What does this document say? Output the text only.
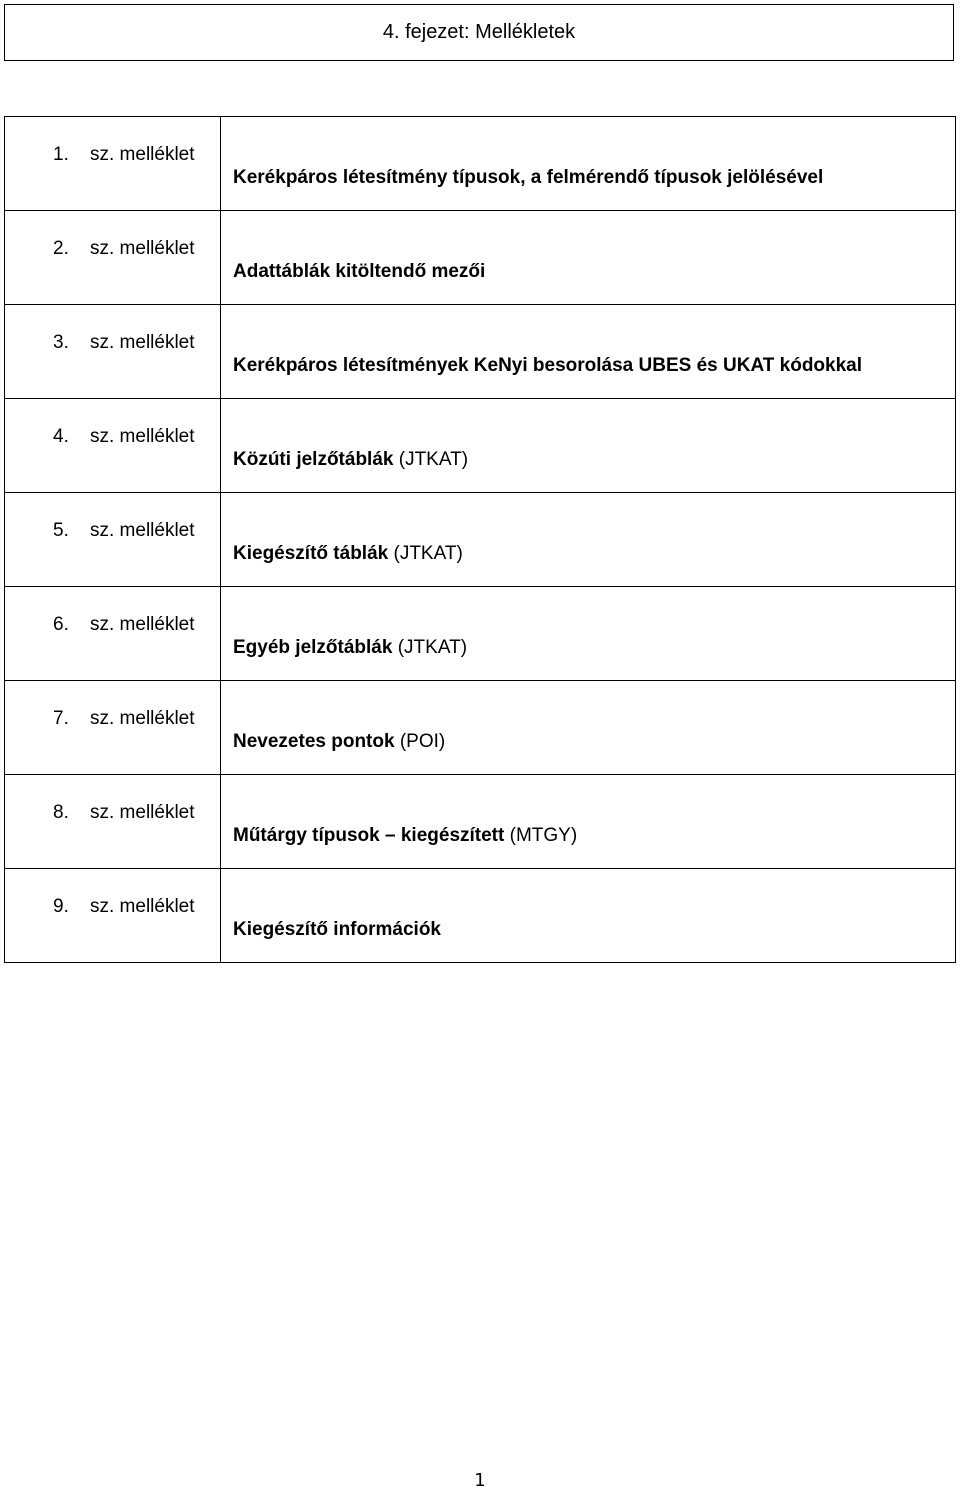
4. fejezet: Mellékletek
1. sz. melléklet	Kerékpáros létesítmény típusok, a felmérendő típusok jelölésével

2. sz. melléklet	Adattáblák kitöltendő mezői

3. sz. melléklet	Kerékpáros létesítmények KeNyi besorolása UBES és UKAT kódokkal

4. sz. melléklet	Közúti jelzőtáblák (JTKAT)

5. sz. melléklet	Kiegészítő táblák (JTKAT)

6. sz. melléklet	Egyéb jelzőtáblák (JTKAT)

7. sz. melléklet	Nevezetes pontok (POI)

8. sz. melléklet	Műtárgy típusok – kiegészített (MTGY)

9. sz. melléklet	Kiegészítő információk
1
